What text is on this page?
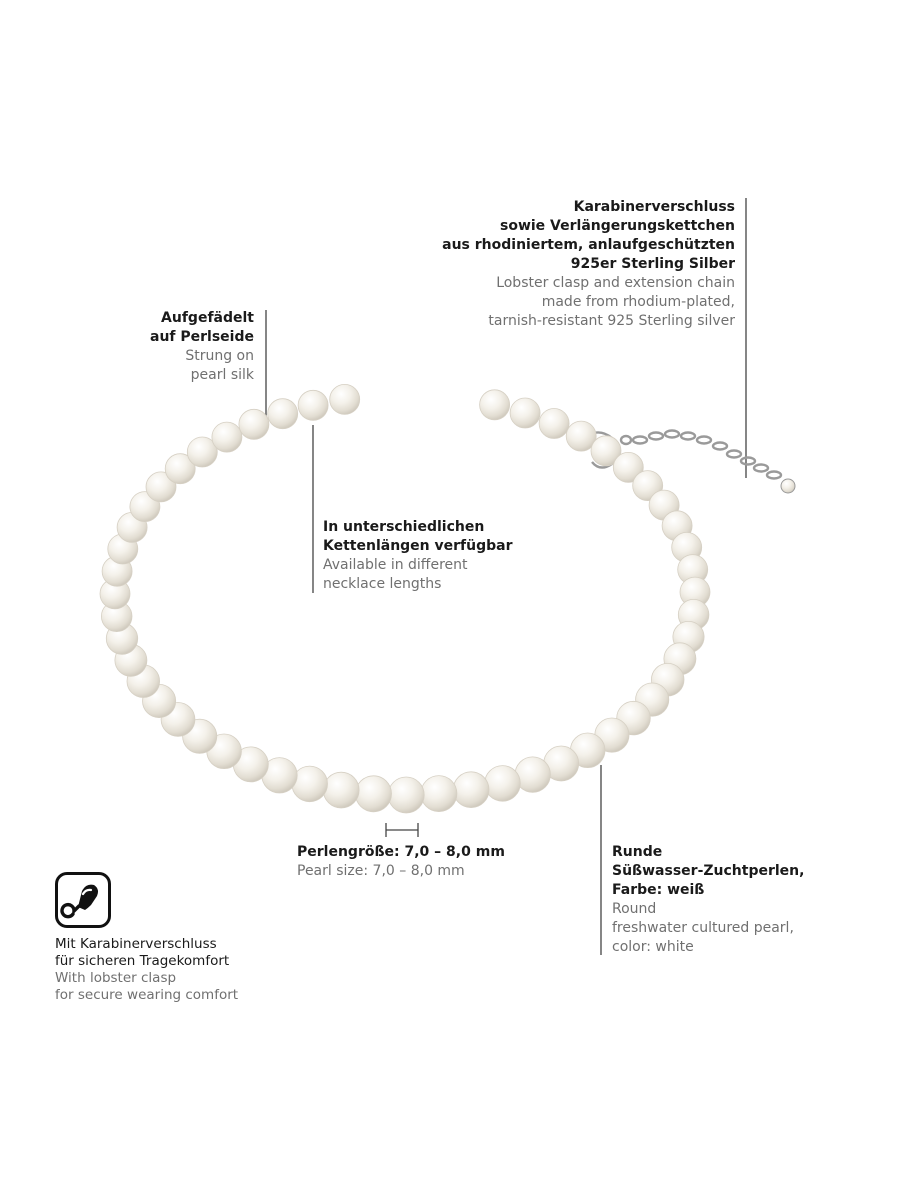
Karabinerverschluss
sowie Verlängerungskettchen
aus rhodiniertem, anlaufgeschützten
925er Sterling Silber
Lobster clasp and extension chain
made from rhodium-plated,
tarnish-resistant 925 Sterling silver
Aufgefädelt
auf Perlseide
Strung on
pearl silk
In unterschiedlichen
Kettenlängen verfügbar
Available in different
necklace lengths
Perlengröße: 7,0 – 8,0 mm
Pearl size: 7,0 – 8,0 mm
Runde
Süßwasser-Zuchtperlen,
Farbe: weiß
Round
freshwater cultured pearl,
color: white
Mit Karabinerverschluss
für sicheren Tragekomfort
With lobster clasp
for secure wearing comfort
